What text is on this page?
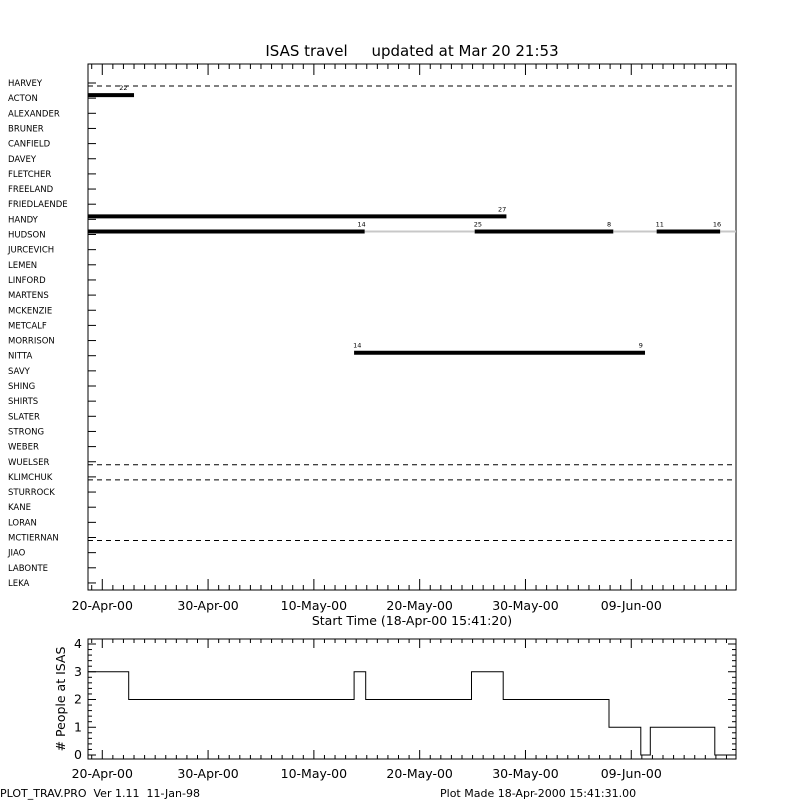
ISAS travel     updated at Mar 20 21:53
22
27
14	25	8	11	16
14	9
HARVEY
ACTON
ALEXANDER
BRUNER
CANFIELD
DAVEY
FLETCHER
FREELAND
FRIEDLAENDE
HANDY
HUDSON
JURCEVICH
LEMEN
LINFORD
MARTENS
MCKENZIE
METCALF
MORRISON
NITTA
SAVY
SHING
SHIRTS
SLATER
STRONG
WEBER
WUELSER
KLIMCHUK
STURROCK
KANE
LORAN
MCTIERNAN
JIAO
LABONTE
LEKA
20-Apr-00	30-Apr-00	10-May-00	20-May-00	30-May-00	09-Jun-00
Start Time (18-Apr-00 15:41:20)
0
1
2
3
4
20-Apr-00	30-Apr-00	10-May-00	20-May-00	30-May-00	09-Jun-00
# People at ISAS
PLOT_TRAV.PRO  Ver 1.11  11-Jan-98	Plot Made 18-Apr-2000 15:41:31.00
